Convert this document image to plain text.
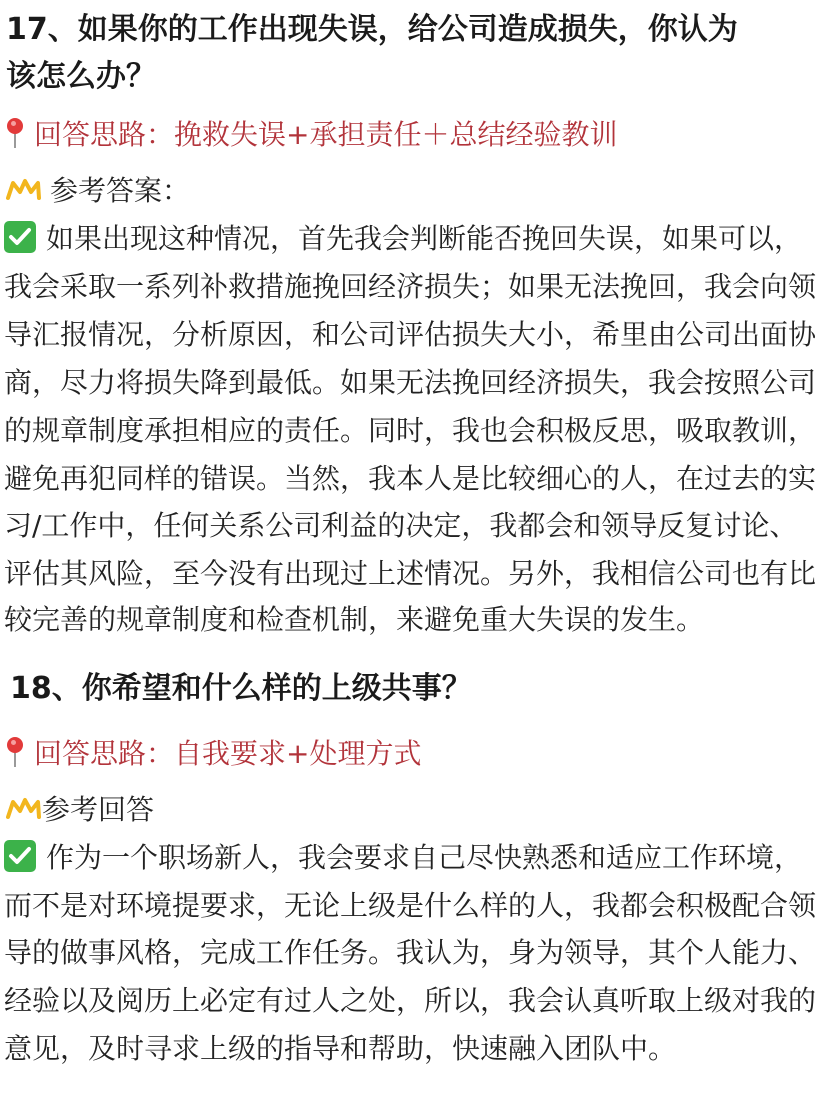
17、如果你的工作出现失误，给公司造成损失，你认为
该怎么办？
回答思路：挽救失误+承担责任＋总结经验教训
参考答案：
如果出现这种情况，首先我会判断能否挽回失误，如果可以，
我会采取一系列补救措施挽回经济损失；如果无法挽回，我会向领
导汇报情况，分析原因，和公司评估损失大小，希里由公司出面协
商，尽力将损失降到最低。如果无法挽回经济损失，我会按照公司
的规章制度承担相应的责任。同时，我也会积极反思，吸取教训，
避免再犯同样的错误。当然，我本人是比较细心的人，在过去的实
习/工作中，任何关系公司利益的决定，我都会和领导反复讨论、
评估其风险，至今没有出现过上述情况。另外，我相信公司也有比
较完善的规章制度和检查机制，来避免重大失误的发生。
18、你希望和什么样的上级共事？
回答思路：自我要求+处理方式
参考回答
作为一个职场新人，我会要求自己尽快熟悉和适应工作环境，
而不是对环境提要求，无论上级是什么样的人，我都会积极配合领
导的做事风格，完成工作任务。我认为，身为领导，其个人能力、
经验以及阅历上必定有过人之处，所以，我会认真听取上级对我的
意见，及时寻求上级的指导和帮助，快速融入团队中。
